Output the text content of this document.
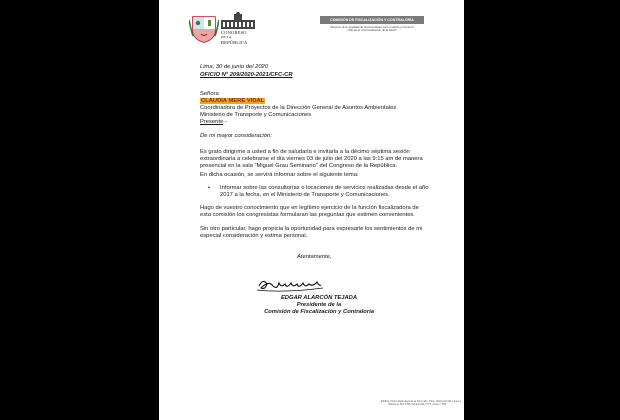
CONGRESO
DE LA
REPÚBLICA
COMISIÓN DE FISCALIZACIÓN Y CONTRALORÍA
"Decenio de la Igualdad de Oportunidades para mujeres y hombres"
"Año de la Universalización de la Salud"
Lima, 30 de junio del 2020
OFICIO N° 209/2020-2021/CFC-CR
Señora
CLAUDIA MERE VIDAL
Coordinadora de Proyectos de la Dirección General de Asuntos Ambientales
Ministerio de Transporte y Comunicaciones
Presente.-
De mi mayor consideración:
Es grato dirigirme a usted a fin de saludarla e invitarla a la décimo séptima sesión
extraordinaria a celebrarse el día viernes 03 de julio del 2020 a las 9:15 am de manera
presencial en la sala "Miguel Grau Seminario" del Congreso de la República.
En dicha ocasión, se servirá informar sobre el siguiente tema:
• Informar sobre las consultorías o locaciones de servicios realizadas desde el año
2017 a la fecha, en el Ministerio de Transporte y Comunicaciones.
Hago de vuestro conocimiento que en legítimo ejercicio de la función fiscalizadora de
esta comisión los congresistas formularan las preguntas que estimen convenientes.
Sin otro particular, hago propicia la oportunidad para expresarle los sentimientos de mi
especial consideración y estima personal.
Atentamente,
EDGAR ALARCÓN TEJADA
Presidente de la
Comisión de Fiscalización y Contraloría
Edificio Víctor Raúl Haya de la Torre 2do. Piso, Oficina N°201 Línea 1
Teléfonos 311-7795 Central 311-7777, Anexo 7795
